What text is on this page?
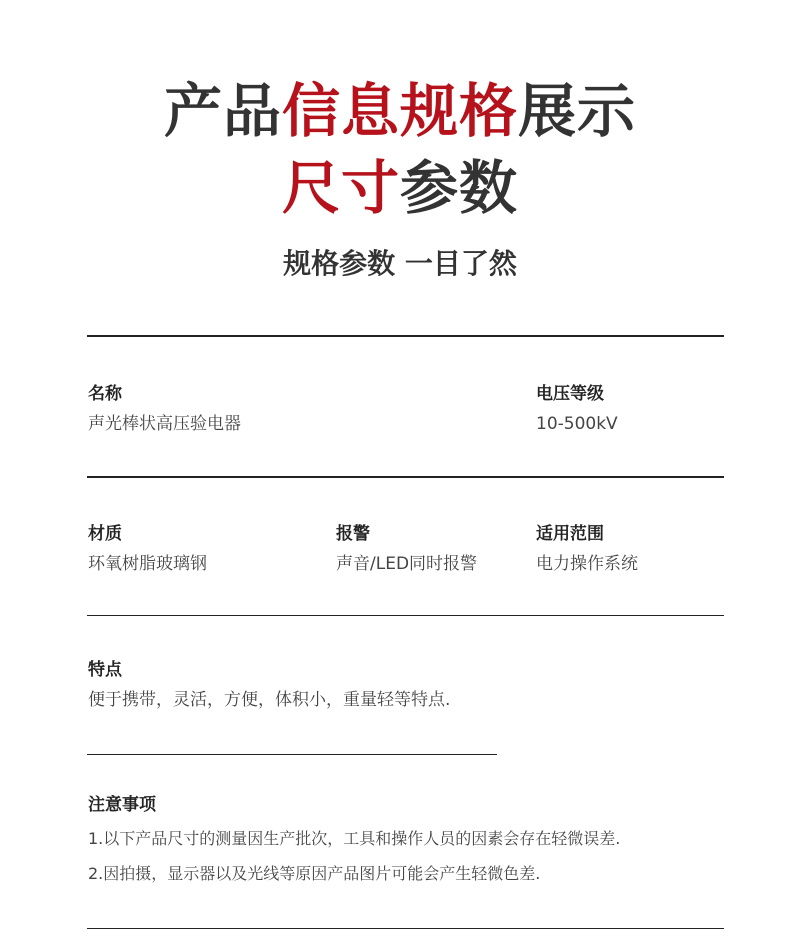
产品信息规格展示
尺寸参数
规格参数 一目了然
名称
声光棒状高压验电器
电压等级
10-500kV
材质
环氧树脂玻璃钢
报警
声音/LED同时报警
适用范围
电力操作系统
特点
便于携带，灵活，方便，体积小，重量轻等特点.
注意事项
1.以下产品尺寸的测量因生产批次，工具和操作人员的因素会存在轻微误差.
2.因拍摄，显示器以及光线等原因产品图片可能会产生轻微色差.
